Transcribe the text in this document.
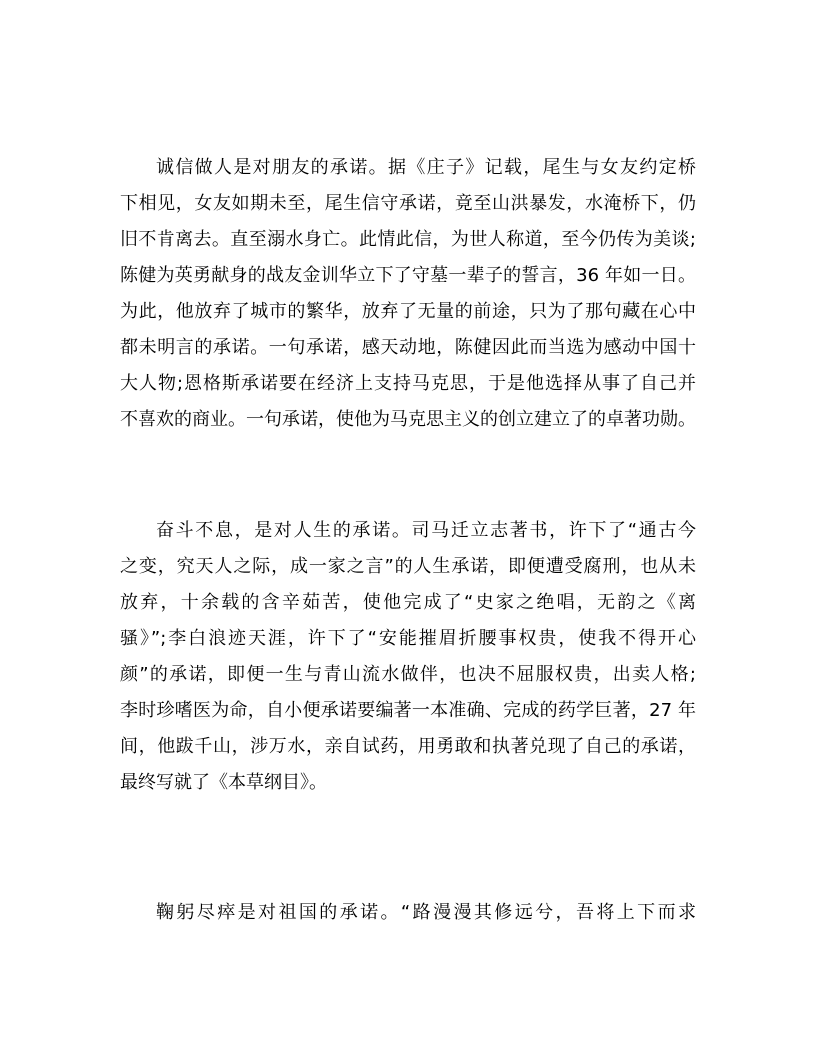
诚信做人是对朋友的承诺。据《庄子》记载，尾生与女友约定桥

下相见，女友如期未至，尾生信守承诺，竟至山洪暴发，水淹桥下，仍

旧不肯离去。直至溺水身亡。此情此信，为世人称道，至今仍传为美谈;

陈健为英勇献身的战友金训华立下了守墓一辈子的誓言，36 年如一日。

为此，他放弃了城市的繁华，放弃了无量的前途，只为了那句藏在心中

都未明言的承诺。一句承诺，感天动地，陈健因此而当选为感动中国十

大人物;恩格斯承诺要在经济上支持马克思，于是他选择从事了自己并

不喜欢的商业。一句承诺，使他为马克思主义的创立建立了的卓著功勋。

奋斗不息，是对人生的承诺。司马迁立志著书，许下了“通古今

之变，究天人之际，成一家之言”的人生承诺，即便遭受腐刑，也从未

放弃，十余载的含辛茹苦，使他完成了“史家之绝唱，无韵之《离

骚》”;李白浪迹天涯，许下了“安能摧眉折腰事权贵，使我不得开心

颜”的承诺，即便一生与青山流水做伴，也决不屈服权贵，出卖人格;

李时珍嗜医为命，自小便承诺要编著一本准确、完成的药学巨著，27 年

间，他跋千山，涉万水，亲自试药，用勇敢和执著兑现了自己的承诺，

最终写就了《本草纲目》。

鞠躬尽瘁是对祖国的承诺。“路漫漫其修远兮，吾将上下而求
